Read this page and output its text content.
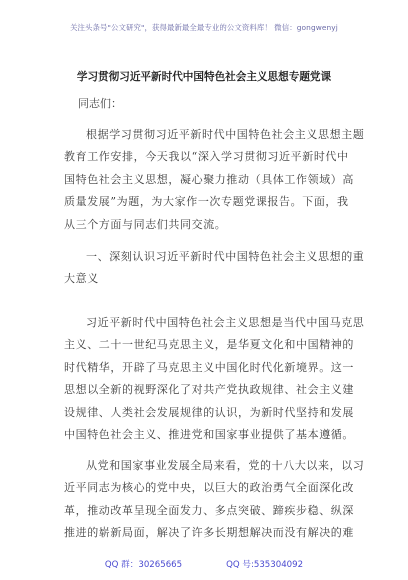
关注头条号"公文研究"，获得最新最全最专业的公文资料库！ 微信：gongwenyj
学习贯彻习近平新时代中国特色社会主义思想专题党课
同志们：
根据学习贯彻习近平新时代中国特色社会主义思想主题
教育工作安排，今天我以“深入学习贯彻习近平新时代中
国特色社会主义思想，凝心聚力推动（具体工作领域）高
质量发展”为题，为大家作一次专题党课报告。下面，我
从三个方面与同志们共同交流。
一、深刻认识习近平新时代中国特色社会主义思想的重
大意义
习近平新时代中国特色社会主义思想是当代中国马克思
主义、二十一世纪马克思主义，是华夏文化和中国精神的
时代精华，开辟了马克思主义中国化时代化新境界。这一
思想以全新的视野深化了对共产党执政规律、社会主义建
设规律、人类社会发展规律的认识，为新时代坚持和发展
中国特色社会主义、推进党和国家事业提供了基本遵循。
从党和国家事业发展全局来看，党的十八大以来，以习
近平同志为核心的党中央，以巨大的政治勇气全面深化改
革，推动改革呈现全面发力、多点突破、蹄疾步稳、纵深
推进的崭新局面，解决了许多长期想解决而没有解决的难
QQ 群：30265665	QQ 号:535304092
